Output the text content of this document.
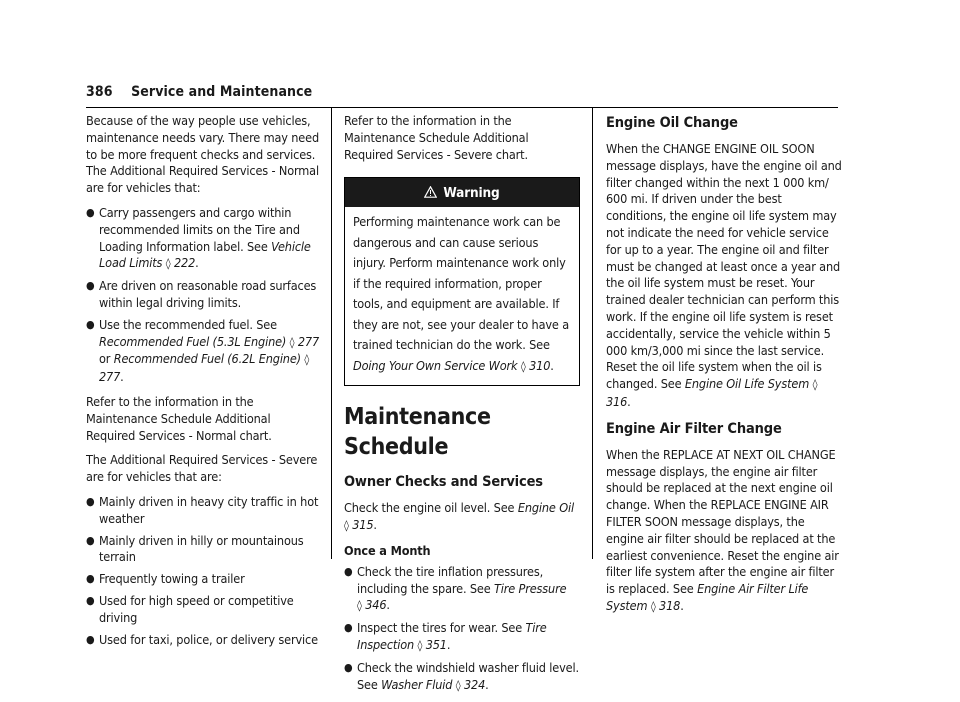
386 Service and Maintenance

Because of the way people use vehicles, maintenance needs vary. There may need to be more frequent checks and services. The Additional Required Services - Normal are for vehicles that:

● Carry passengers and cargo within recommended limits on the Tire and Loading Information label. See Vehicle Load Limits ◊ 222.
● Are driven on reasonable road surfaces within legal driving limits.
● Use the recommended fuel. See Recommended Fuel (5.3L Engine) ◊ 277 or Recommended Fuel (6.2L Engine) ◊ 277.

Refer to the information in the Maintenance Schedule Additional Required Services - Normal chart.

The Additional Required Services - Severe are for vehicles that are:

● Mainly driven in heavy city traffic in hot weather
● Mainly driven in hilly or mountainous terrain
● Frequently towing a trailer
● Used for high speed or competitive driving
● Used for taxi, police, or delivery service

Refer to the information in the Maintenance Schedule Additional Required Services - Severe chart.

Warning
Performing maintenance work can be dangerous and can cause serious injury. Perform maintenance work only if the required information, proper tools, and equipment are available. If they are not, see your dealer to have a trained technician do the work. See Doing Your Own Service Work ◊ 310.
Maintenance Schedule
Owner Checks and Services

Check the engine oil level. See Engine Oil
◊ 315.

Once a Month
● Check the tire inflation pressures, including the spare. See Tire Pressure
◊ 346.
● Inspect the tires for wear. See Tire Inspection ◊ 351.
● Check the windshield washer fluid level. See Washer Fluid ◊ 324.
Engine Oil Change

When the CHANGE ENGINE OIL SOON message displays, have the engine oil and filter changed within the next 1 000 km/ 600 mi. If driven under the best conditions, the engine oil life system may not indicate the need for vehicle service for up to a year. The engine oil and filter must be changed at least once a year and the oil life system must be reset. Your trained dealer technician can perform this work. If the engine oil life system is reset accidentally, service the vehicle within 5 000 km/3,000 mi since the last service. Reset the oil life system when the oil is changed. See Engine Oil Life System ◊ 316.

Engine Air Filter Change

When the REPLACE AT NEXT OIL CHANGE message displays, the engine air filter should be replaced at the next engine oil change. When the REPLACE ENGINE AIR FILTER SOON message displays, the engine air filter should be replaced at the earliest convenience. Reset the engine air filter life system after the engine air filter is replaced. See Engine Air Filter Life System ◊ 318.
